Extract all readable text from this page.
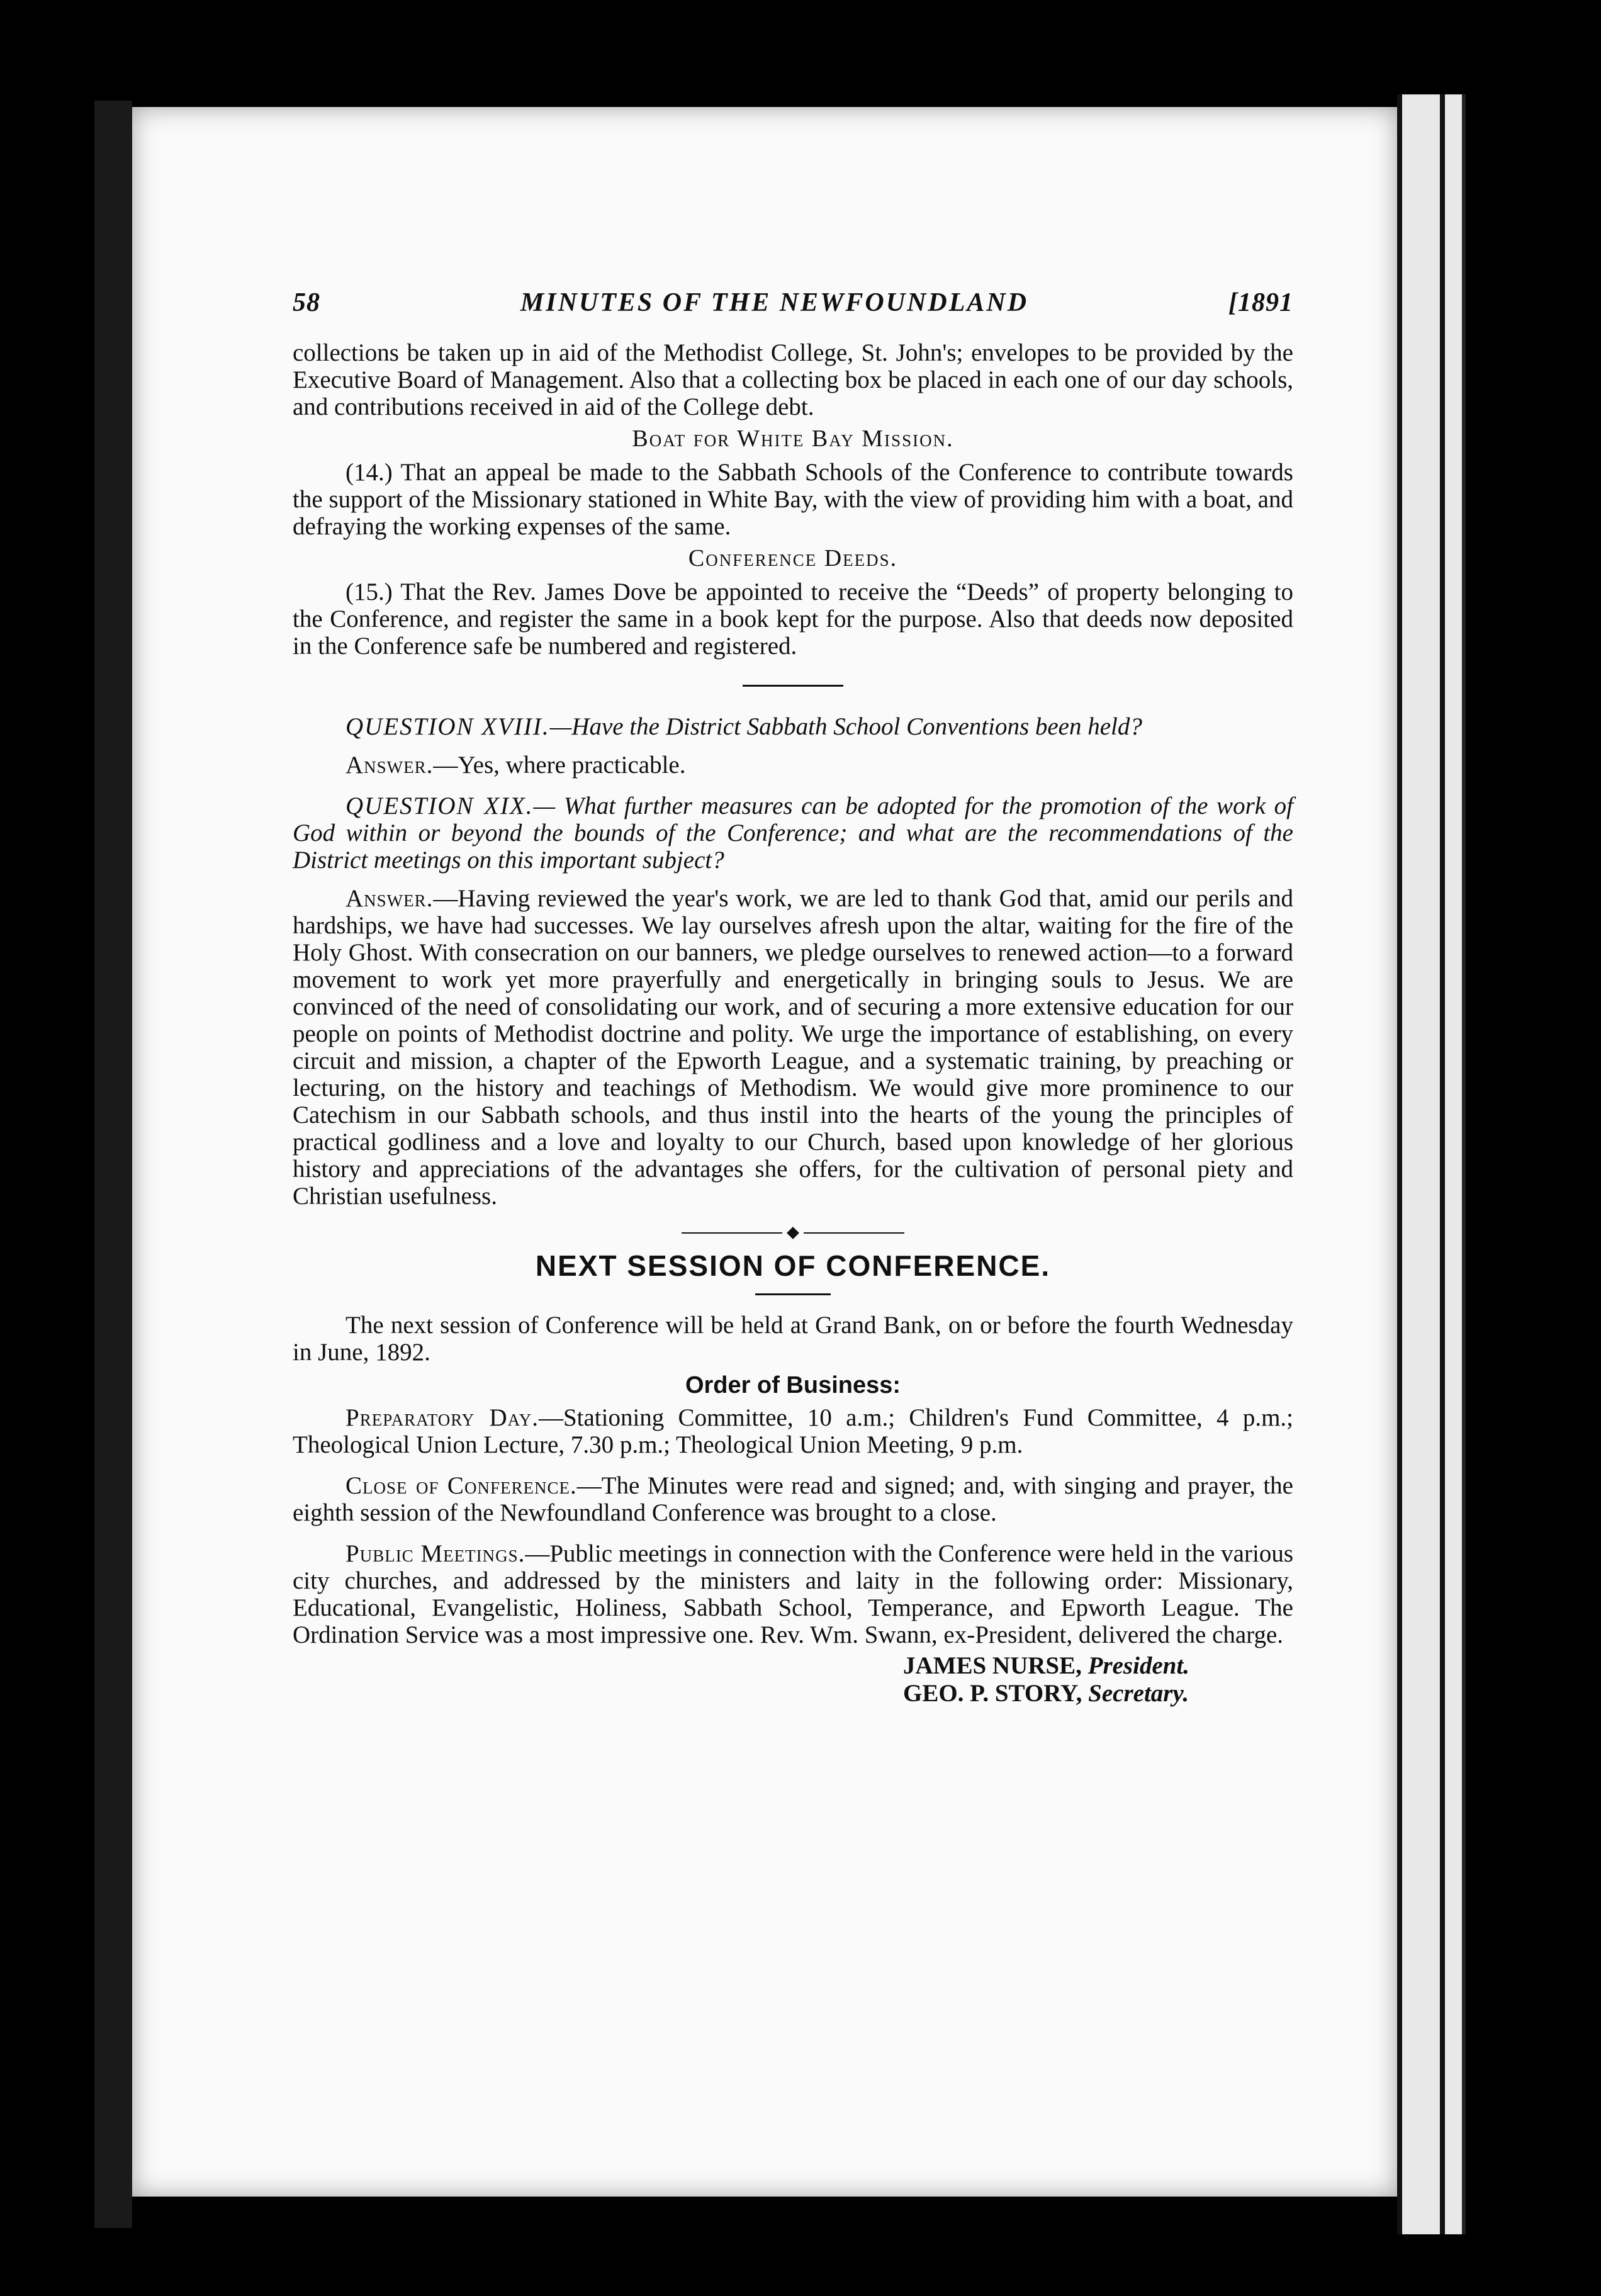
58	MINUTES OF THE NEWFOUNDLAND	[1891

collections be taken up in aid of the Methodist College, St. John's; envelopes to be provided by the Executive Board of Management. Also that a collecting box be placed in each one of our day schools, and contributions received in aid of the College debt.

Boat for White Bay Mission.

(14.) That an appeal be made to the Sabbath Schools of the Conference to contribute towards the support of the Missionary stationed in White Bay, with the view of providing him with a boat, and defraying the working expenses of the same.

Conference Deeds.

(15.) That the Rev. James Dove be appointed to receive the “Deeds” of property belonging to the Conference, and register the same in a book kept for the purpose. Also that deeds now deposited in the Conference safe be numbered and registered.

QUESTION XVIII.—Have the District Sabbath School Conventions been held?

Answer.—Yes, where practicable.

QUESTION XIX.— What further measures can be adopted for the promotion of the work of God within or beyond the bounds of the Conference; and what are the recommendations of the District meetings on this important subject?

Answer.—Having reviewed the year's work, we are led to thank God that, amid our perils and hardships, we have had successes. We lay ourselves afresh upon the altar, waiting for the fire of the Holy Ghost. With consecration on our banners, we pledge ourselves to renewed action—to a forward movement to work yet more prayerfully and energetically in bringing souls to Jesus. We are convinced of the need of consolidating our work, and of securing a more extensive education for our people on points of Methodist doctrine and polity. We urge the importance of establishing, on every circuit and mission, a chapter of the Epworth League, and a systematic training, by preaching or lecturing, on the history and teachings of Methodism. We would give more prominence to our Catechism in our Sabbath schools, and thus instil into the hearts of the young the principles of practical godliness and a love and loyalty to our Church, based upon knowledge of her glorious history and appreciations of the advantages she offers, for the cultivation of personal piety and Christian usefulness.

NEXT SESSION OF CONFERENCE.

The next session of Conference will be held at Grand Bank, on or before the fourth Wednesday in June, 1892.

Order of Business:

Preparatory Day.—Stationing Committee, 10 a.m.; Children's Fund Committee, 4 p.m.; Theological Union Lecture, 7.30 p.m.; Theological Union Meeting, 9 p.m.

Close of Conference.—The Minutes were read and signed; and, with singing and prayer, the eighth session of the Newfoundland Conference was brought to a close.

Public Meetings.—Public meetings in connection with the Conference were held in the various city churches, and addressed by the ministers and laity in the following order: Missionary, Educational, Evangelistic, Holiness, Sabbath School, Temperance, and Epworth League. The Ordination Service was a most impressive one. Rev. Wm. Swann, ex-President, delivered the charge.

JAMES NURSE, President.
GEO. P. STORY, Secretary.
